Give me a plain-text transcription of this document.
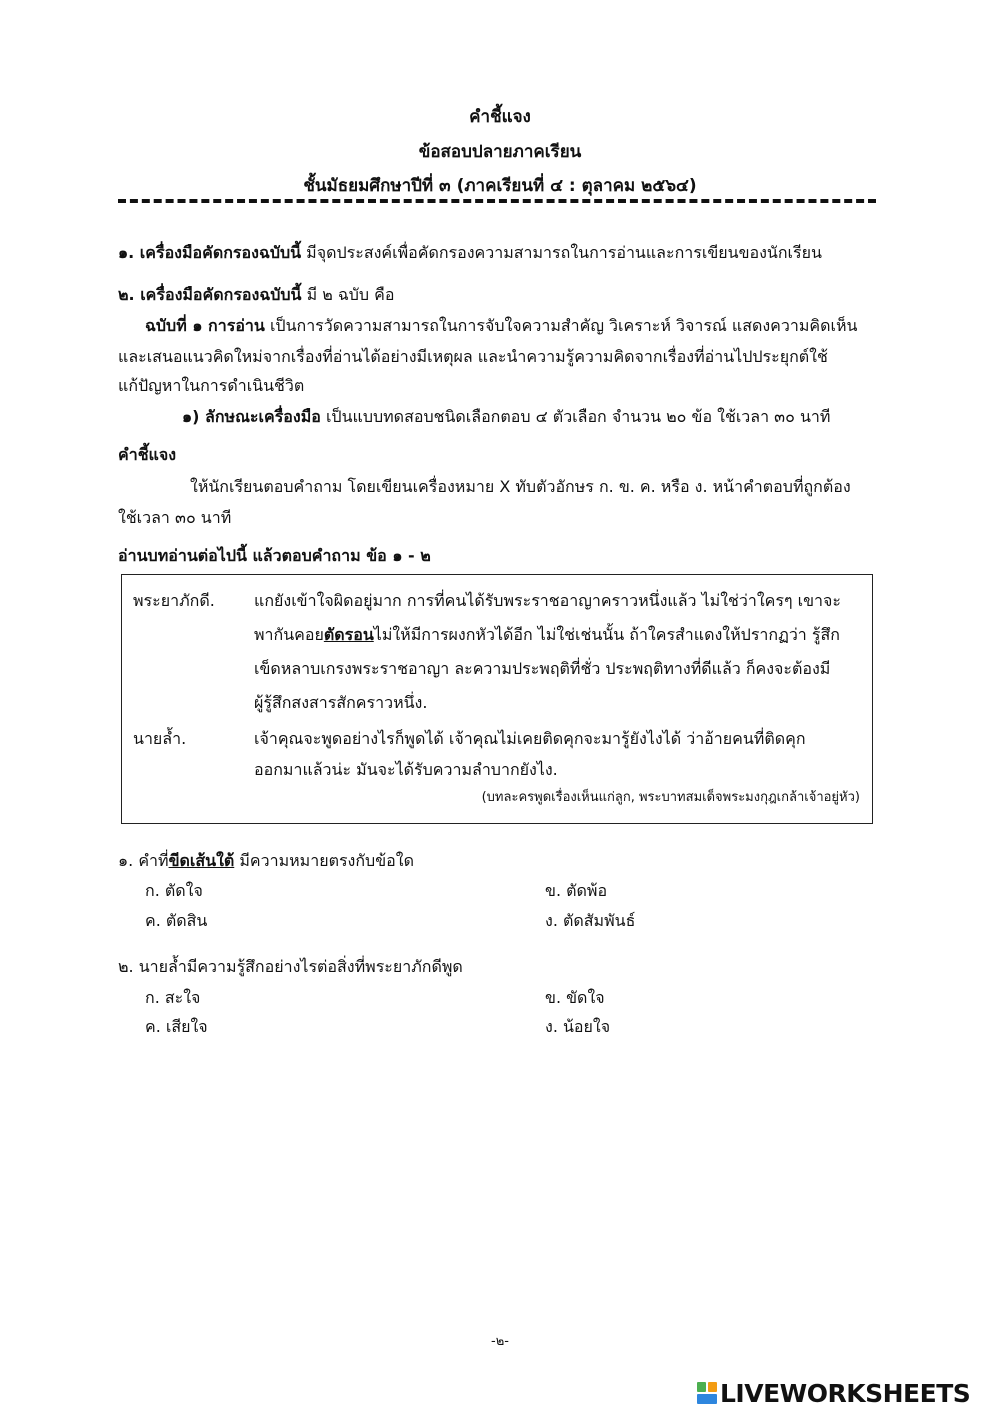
คำชี้แจง
ข้อสอบปลายภาคเรียน
ชั้นมัธยมศึกษาปีที่ ๓ (ภาคเรียนที่ ๔ : ตุลาคม ๒๕๖๔)
๑. เครื่องมือคัดกรองฉบับนี้ มีจุดประสงค์เพื่อคัดกรองความสามารถในการอ่านและการเขียนของนักเรียน
๒. เครื่องมือคัดกรองฉบับนี้ มี ๒ ฉบับ คือ
ฉบับที่ ๑ การอ่าน เป็นการวัดความสามารถในการจับใจความสำคัญ วิเคราะห์ วิจารณ์ แสดงความคิดเห็น
และเสนอแนวคิดใหม่จากเรื่องที่อ่านได้อย่างมีเหตุผล และนำความรู้ความคิดจากเรื่องที่อ่านไปประยุกต์ใช้
แก้ปัญหาในการดำเนินชีวิต
๑) ลักษณะเครื่องมือ เป็นแบบทดสอบชนิดเลือกตอบ ๔ ตัวเลือก จำนวน ๒๐ ข้อ ใช้เวลา ๓๐ นาที
คำชี้แจง
ให้นักเรียนตอบคำถาม โดยเขียนเครื่องหมาย X ทับตัวอักษร ก. ข. ค. หรือ ง. หน้าคำตอบที่ถูกต้อง
ใช้เวลา ๓๐ นาที
อ่านบทอ่านต่อไปนี้ แล้วตอบคำถาม ข้อ ๑ - ๒
พระยาภักดี. แกยังเข้าใจผิดอยู่มาก การที่คนได้รับพระราชอาญาคราวหนึ่งแล้ว ไม่ใช่ว่าใครๆ เขาจะ
พากันคอยตัดรอนไม่ให้มีการผงกหัวได้อีก ไม่ใช่เช่นนั้น ถ้าใครสำแดงให้ปรากฏว่า รู้สึก
เข็ดหลาบเกรงพระราชอาญา ละความประพฤติที่ชั่ว ประพฤติทางที่ดีแล้ว ก็คงจะต้องมี
ผู้รู้สึกสงสารสักคราวหนึ่ง.
นายล้ำ.	เจ้าคุณจะพูดอย่างไรก็พูดได้ เจ้าคุณไม่เคยติดคุกจะมารู้ยังไงได้ ว่าอ้ายคนที่ติดคุก
ออกมาแล้วน่ะ มันจะได้รับความลำบากยังไง.
(บทละครพูดเรื่องเห็นแก่ลูก, พระบาทสมเด็จพระมงกุฎเกล้าเจ้าอยู่หัว)
๑. คำที่ขีดเส้นใต้ มีความหมายตรงกับข้อใด
ก. ตัดใจ	ข. ตัดพ้อ
ค. ตัดสิน	ง. ตัดสัมพันธ์
๒. นายล้ำมีความรู้สึกอย่างไรต่อสิ่งที่พระยาภักดีพูด
ก. สะใจ	ข. ขัดใจ
ค. เสียใจ	ง. น้อยใจ
-๒-
LIVEWORKSHEETS
